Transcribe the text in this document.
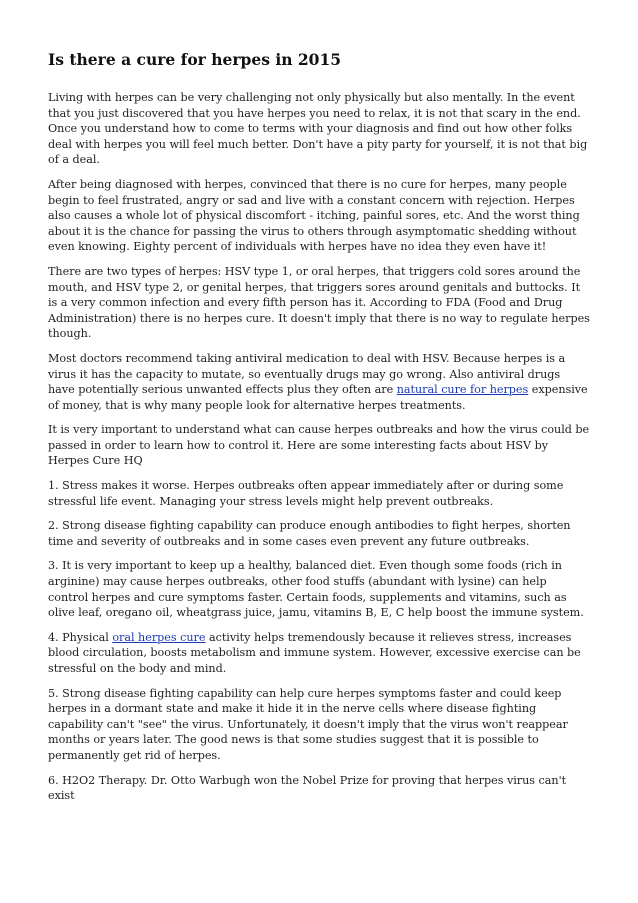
Is there a cure for herpes in 2015

Living with herpes can be very challenging not only physically but also mentally. In the event that you just discovered that you have herpes you need to relax, it is not that scary in the end. Once you understand how to come to terms with your diagnosis and find out how other folks deal with herpes you will feel much better. Don't have a pity party for yourself, it is not that big of a deal.

After being diagnosed with herpes, convinced that there is no cure for herpes, many people begin to feel frustrated, angry or sad and live with a constant concern with rejection. Herpes also causes a whole lot of physical discomfort - itching, painful sores, etc. And the worst thing about it is the chance for passing the virus to others through asymptomatic shedding without even knowing. Eighty percent of individuals with herpes have no idea they even have it!

There are two types of herpes: HSV type 1, or oral herpes, that triggers cold sores around the mouth, and HSV type 2, or genital herpes, that triggers sores around genitals and buttocks. It is a very common infection and every fifth person has it. According to FDA (Food and Drug Administration) there is no herpes cure. It doesn't imply that there is no way to regulate herpes though.

Most doctors recommend taking antiviral medication to deal with HSV. Because herpes is a virus it has the capacity to mutate, so eventually drugs may go wrong. Also antiviral drugs have potentially serious unwanted effects plus they often are natural cure for herpes expensive of money, that is why many people look for alternative herpes treatments.

It is very important to understand what can cause herpes outbreaks and how the virus could be passed in order to learn how to control it. Here are some interesting facts about HSV by Herpes Cure HQ

1. Stress makes it worse. Herpes outbreaks often appear immediately after or during some stressful life event. Managing your stress levels might help prevent outbreaks.

2. Strong disease fighting capability can produce enough antibodies to fight herpes, shorten time and severity of outbreaks and in some cases even prevent any future outbreaks.

3. It is very important to keep up a healthy, balanced diet. Even though some foods (rich in arginine) may cause herpes outbreaks, other food stuffs (abundant with lysine) can help control herpes and cure symptoms faster. Certain foods, supplements and vitamins, such as olive leaf, oregano oil, wheatgrass juice, jamu, vitamins B, E, C help boost the immune system.

4. Physical oral herpes cure activity helps tremendously because it relieves stress, increases blood circulation, boosts metabolism and immune system. However, excessive exercise can be stressful on the body and mind.

5. Strong disease fighting capability can help cure herpes symptoms faster and could keep herpes in a dormant state and make it hide it in the nerve cells where disease fighting capability can't "see" the virus. Unfortunately, it doesn't imply that the virus won't reappear months or years later. The good news is that some studies suggest that it is possible to permanently get rid of herpes.

6. H2O2 Therapy. Dr. Otto Warbugh won the Nobel Prize for proving that herpes virus can't exist
